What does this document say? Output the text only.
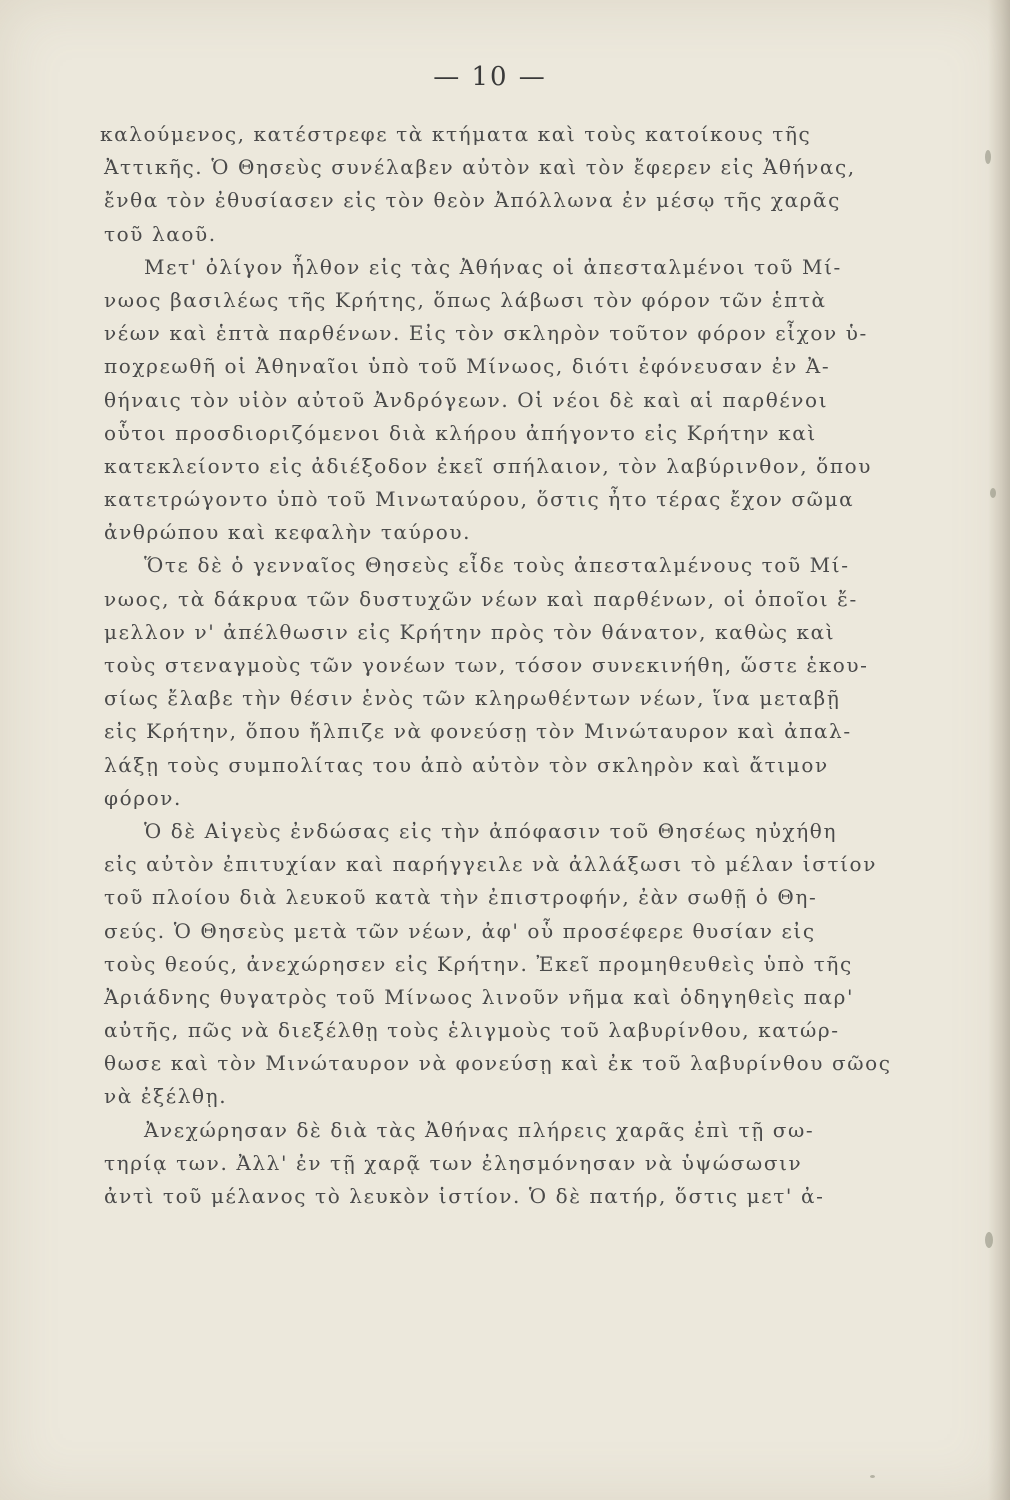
— 10 —
καλούμενος, κατέστρεφε τὰ κτήματα καὶ τοὺς κατοίκους τῆς
Ἀττικῆς. Ὁ Θησεὺς συνέλαβεν αὐτὸν καὶ τὸν ἔφερεν εἰς Ἀθήνας,
ἔνθα τὸν ἐθυσίασεν εἰς τὸν θεὸν Ἀπόλλωνα ἐν μέσῳ τῆς χαρᾶς
τοῦ λαοῦ.
Μετ' ὀλίγον ἦλθον εἰς τὰς Ἀθήνας οἱ ἀπεσταλμένοι τοῦ Μί-
νωος βασιλέως τῆς Κρήτης, ὅπως λάβωσι τὸν φόρον τῶν ἑπτὰ
νέων καὶ ἑπτὰ παρθένων. Εἰς τὸν σκληρὸν τοῦτον φόρον εἶχον ὑ-
ποχρεωθῆ οἱ Ἀθηναῖοι ὑπὸ τοῦ Μίνωος, διότι ἐφόνευσαν ἐν Ἀ-
θήναις τὸν υἱὸν αὐτοῦ Ἀνδρόγεων. Οἱ νέοι δὲ καὶ αἱ παρθένοι
οὗτοι προσδιοριζόμενοι διὰ κλήρου ἀπήγοντο εἰς Κρήτην καὶ
κατεκλείοντο εἰς ἀδιέξοδον ἐκεῖ σπήλαιον, τὸν λαβύρινθον, ὅπου
κατετρώγοντο ὑπὸ τοῦ Μινωταύρου, ὅστις ἦτο τέρας ἔχον σῶμα
ἀνθρώπου καὶ κεφαλὴν ταύρου.
Ὅτε δὲ ὁ γενναῖος Θησεὺς εἶδε τοὺς ἀπεσταλμένους τοῦ Μί-
νωος, τὰ δάκρυα τῶν δυστυχῶν νέων καὶ παρθένων, οἱ ὁποῖοι ἔ-
μελλον ν' ἀπέλθωσιν εἰς Κρήτην πρὸς τὸν θάνατον, καθὼς καὶ
τοὺς στεναγμοὺς τῶν γονέων των, τόσον συνεκινήθη, ὥστε ἑκου-
σίως ἔλαβε τὴν θέσιν ἑνὸς τῶν κληρωθέντων νέων, ἵνα μεταβῇ
εἰς Κρήτην, ὅπου ἤλπιζε νὰ φονεύσῃ τὸν Μινώταυρον καὶ ἀπαλ-
λάξῃ τοὺς συμπολίτας του ἀπὸ αὐτὸν τὸν σκληρὸν καὶ ἄτιμον
φόρον.
Ὁ δὲ Αἰγεὺς ἐνδώσας εἰς τὴν ἀπόφασιν τοῦ Θησέως ηὐχήθη
εἰς αὐτὸν ἐπιτυχίαν καὶ παρήγγειλε νὰ ἀλλάξωσι τὸ μέλαν ἱστίον
τοῦ πλοίου διὰ λευκοῦ κατὰ τὴν ἐπιστροφήν, ἐὰν σωθῇ ὁ Θη-
σεύς. Ὁ Θησεὺς μετὰ τῶν νέων, ἀφ' οὗ προσέφερε θυσίαν εἰς
τοὺς θεούς, ἀνεχώρησεν εἰς Κρήτην. Ἐκεῖ προμηθευθεὶς ὑπὸ τῆς
Ἀριάδνης θυγατρὸς τοῦ Μίνωος λινοῦν νῆμα καὶ ὁδηγηθεὶς παρ'
αὐτῆς, πῶς νὰ διεξέλθῃ τοὺς ἑλιγμοὺς τοῦ λαβυρίνθου, κατώρ-
θωσε καὶ τὸν Μινώταυρον νὰ φονεύσῃ καὶ ἐκ τοῦ λαβυρίνθου σῶος
νὰ ἐξέλθῃ.
Ἀνεχώρησαν δὲ διὰ τὰς Ἀθήνας πλήρεις χαρᾶς ἐπὶ τῇ σω-
τηρίᾳ των. Ἀλλ' ἐν τῇ χαρᾷ των ἐλησμόνησαν νὰ ὑψώσωσιν
ἀντὶ τοῦ μέλανος τὸ λευκὸν ἱστίον. Ὁ δὲ πατήρ, ὅστις μετ' ἀ-
